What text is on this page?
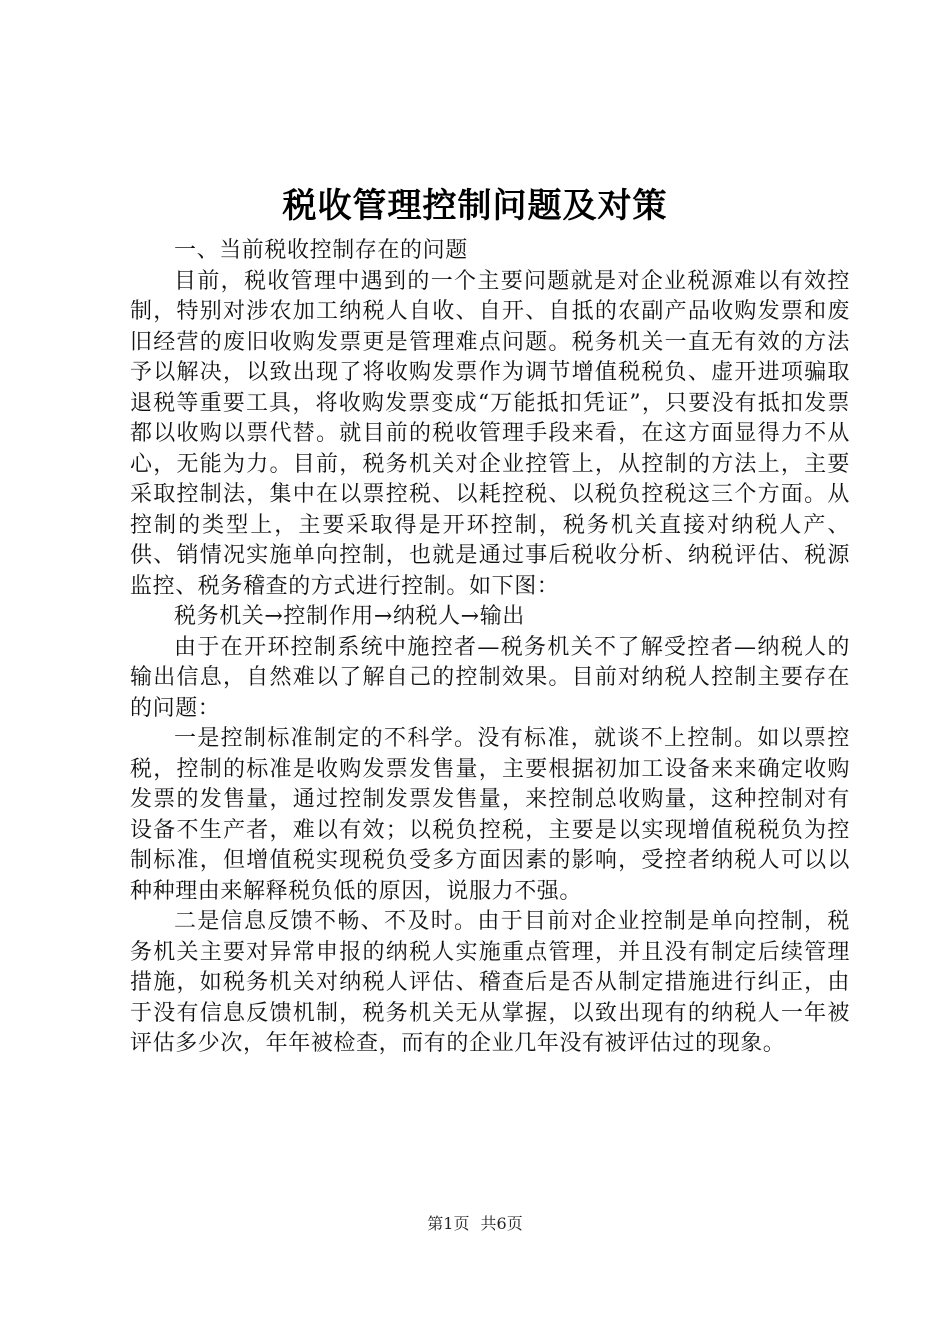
税收管理控制问题及对策

一、当前税收控制存在的问题

目前，税收管理中遇到的一个主要问题就是对企业税源难以有效控制，特别对涉农加工纳税人自收、自开、自抵的农副产品收购发票和废旧经营的废旧收购发票更是管理难点问题。税务机关一直无有效的方法予以解决，以致出现了将收购发票作为调节增值税税负、虚开进项骗取退税等重要工具，将收购发票变成“万能抵扣凭证”，只要没有抵扣发票都以收购以票代替。就目前的税收管理手段来看，在这方面显得力不从心，无能为力。目前，税务机关对企业控管上，从控制的方法上，主要采取控制法，集中在以票控税、以耗控税、以税负控税这三个方面。从控制的类型上，主要采取得是开环控制，税务机关直接对纳税人产、供、销情况实施单向控制，也就是通过事后税收分析、纳税评估、税源监控、税务稽查的方式进行控制。如下图：

税务机关→控制作用→纳税人→输出

由于在开环控制系统中施控者—税务机关不了解受控者—纳税人的输出信息，自然难以了解自己的控制效果。目前对纳税人控制主要存在的问题：

一是控制标准制定的不科学。没有标准，就谈不上控制。如以票控税，控制的标准是收购发票发售量，主要根据初加工设备来来确定收购发票的发售量，通过控制发票发售量，来控制总收购量，这种控制对有设备不生产者，难以有效；以税负控税，主要是以实现增值税税负为控制标准，但增值税实现税负受多方面因素的影响，受控者纳税人可以以种种理由来解释税负低的原因，说服力不强。

二是信息反馈不畅、不及时。由于目前对企业控制是单向控制，税务机关主要对异常申报的纳税人实施重点管理，并且没有制定后续管理措施，如税务机关对纳税人评估、稽查后是否从制定措施进行纠正，由于没有信息反馈机制，税务机关无从掌握，以致出现有的纳税人一年被评估多少次，年年被检查，而有的企业几年没有被评估过的现象。

第1页 共6页
